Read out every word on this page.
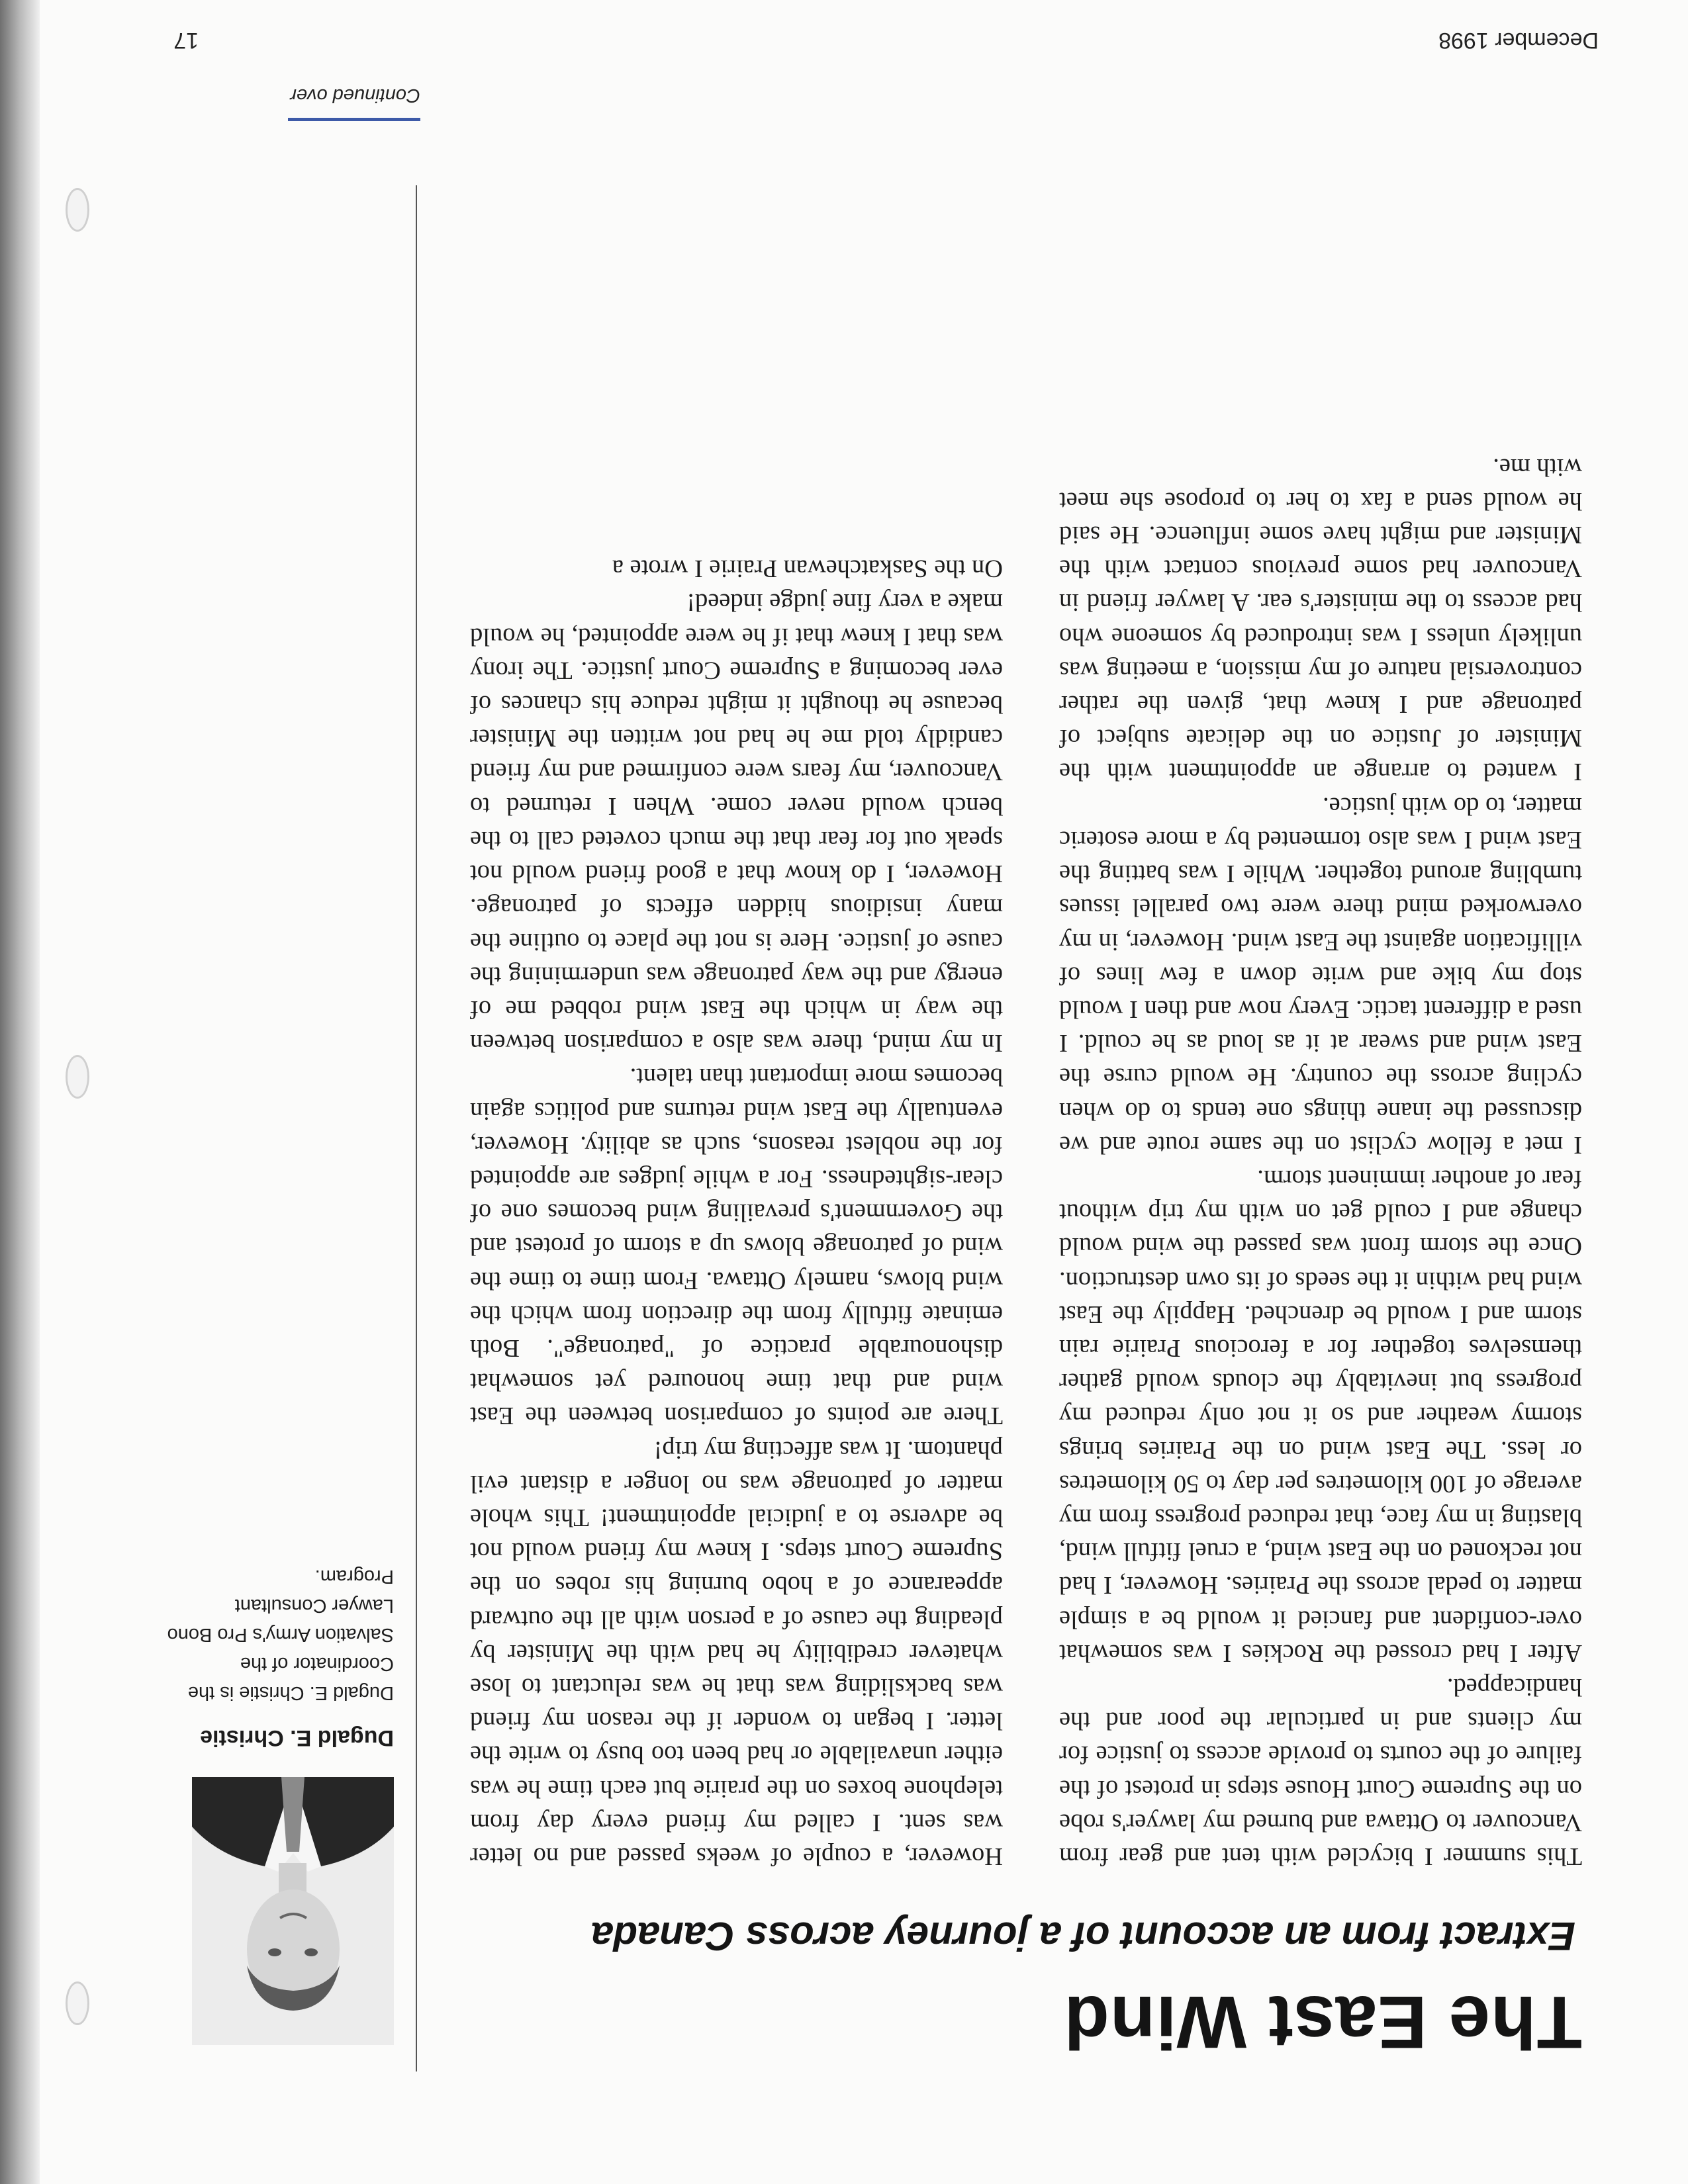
December 1998
17
The East Wind
Extract from an account of a journey across Canada

This summer I bicycled with tent and gear from Vancouver to Ottawa and burned my lawyer's robe on the Supreme Court House steps in protest of the failure of the courts to provide access to justice for my clients and in particular the poor and the handicapped.

After I had crossed the Rockies I was somewhat over-confident and fancied it would be a simple matter to pedal across the Prairies. However, I had not reckoned on the East wind, a cruel fitfull wind, blasting in my face, that reduced progress from my average of 100 kilometres per day to 50 kilometres or less. The East wind on the Prairies brings stormy weather and so it not only reduced my progress but inevitably the clouds would gather themselves together for a ferocious Prairie rain storm and I would be drenched. Happily the East wind had within it the seeds of its own destruction. Once the storm front was passed the wind would change and I could get on with my trip without fear of another imminent storm.

I met a fellow cyclist on the same route and we discussed the inane things one tends to do when cycling across the country. He would curse the East wind and swear at it as loud as he could. I used a different tactic. Every now and then I would stop my bike and write down a few lines of villification against the East wind. However, in my overworked mind there were two parallel issues tumbling around together. While I was batting the East wind I was also tormented by a more esoteric matter, to do with justice.

I wanted to arrange an appointment with the Minister of Justice on the delicate subject of patronage and I knew that, given the rather controversial nature of my mission, a meeting was unlikely unless I was introduced by someone who had access to the minister's ear. A lawyer friend in Vancouver had some previous contact with the Minister and might have some influence. He said he would send a fax to her to propose she meet with me.

However, a couple of weeks passed and no letter was sent. I called my friend every day from telephone boxes on the prairie but each time he was either unavailable or had been too busy to write the letter. I began to wonder if the reason my friend was backsliding was that he was reluctant to lose whatever credibility he had with the Minister by pleading the cause of a person with all the outward appearance of a hobo burning his robes on the Supreme Court steps. I knew my friend would not be adverse to a judicial appointment! This whole matter of patronage was no longer a distant evil phantom. It was affecting my trip!

There are points of comparison between the East wind and that time honoured yet somewhat dishonourable practice of "patronage". Both eminate fitfully from the direction from which the wind blows, namely Ottawa. From time to time the wind of patronage blows up a storm of protest and the Government's prevailing wind becomes one of clear-sightedness. For a while judges are appointed for the noblest reasons, such as ability. However, eventually the East wind returns and politics again becomes more important than talent.

In my mind, there was also a comparison between the way in which the East wind robbed me of energy and the way patronage was undermining the cause of justice. Here is not the place to outline the many insidious hidden effects of patronage. However, I do know that a good friend would not speak out for fear that the much coveted call to the bench would never come. When I returned to Vancouver, my fears were confirmed and my friend candidly told me he had not written the Minister because he thought it might reduce his chances of ever becoming a Supreme Court justice. The irony was that I knew that if he were appointed, he would make a very fine judge indeed!

On the Saskatchewan Prairie I wrote a

Dugald E. Christie

Dugald E. Christie is the Coordinator of the Salvation Army's Pro Bono Lawyer Consultant Program.

Continued over
